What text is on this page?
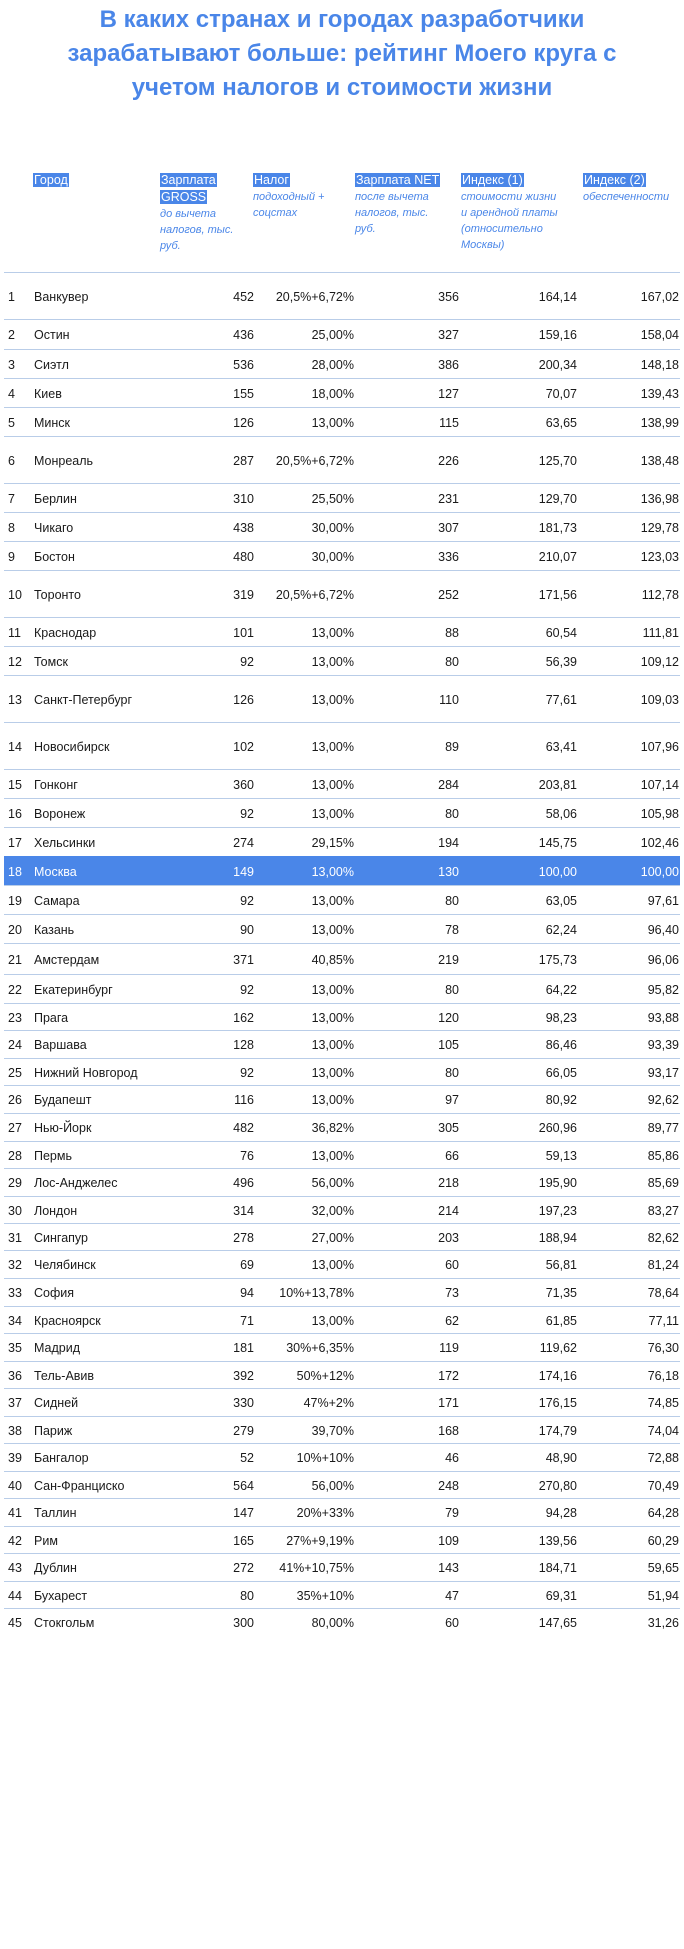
В каких странах и городах разработчики
зарабатывают больше: рейтинг Моего круга с
учетом налогов и стоимости жизни
Город	Зарплата
GROSS
до вычета
налогов, тыс.
руб.
Налог
подоходный +
соцстах
Зарплата NET
после вычета
налогов, тыс.
руб.
Индекс (1)
стоимости жизни
и арендной платы
(относительно
Москвы)
Индекс (2)
обеспеченности
1 Ванкувер	452 20,5%+6,72%	356	164,14	167,02
2 Остин	436	25,00%	327	159,16	158,04
3 Сиэтл	536	28,00%	386	200,34	148,18
4 Киев	155	18,00%	127	70,07	139,43
5 Минск	126	13,00%	115	63,65	138,99
6 Монреаль	287 20,5%+6,72%	226	125,70	138,48
7 Берлин	310	25,50%	231	129,70	136,98
8 Чикаго	438	30,00%	307	181,73	129,78
9 Бостон	480	30,00%	336	210,07	123,03
10 Торонто	319 20,5%+6,72%	252	171,56	112,78
11 Краснодар	101	13,00%	88	60,54	111,81
12 Томск	92	13,00%	80	56,39	109,12
13 Санкт-Петербург	126	13,00%	110	77,61	109,03
14 Новосибирск	102	13,00%	89	63,41	107,96
15 Гонконг	360	13,00%	284	203,81	107,14
16 Воронеж	92	13,00%	80	58,06	105,98
17 Хельсинки	274	29,15%	194	145,75	102,46
18 Москва	149	13,00%	130	100,00	100,00
19 Самара	92	13,00%	80	63,05	97,61
20 Казань	90	13,00%	78	62,24	96,40
21 Амстердам	371	40,85%	219	175,73	96,06
22 Екатеринбург	92	13,00%	80	64,22	95,82
23 Прага	162	13,00%	120	98,23	93,88
24 Варшава	128	13,00%	105	86,46	93,39
25 Нижний Новгород	92	13,00%	80	66,05	93,17
26 Будапешт	116	13,00%	97	80,92	92,62
27 Нью-Йорк	482	36,82%	305	260,96	89,77
28 Пермь	76	13,00%	66	59,13	85,86
29 Лос-Анджелес	496	56,00%	218	195,90	85,69
30 Лондон	314	32,00%	214	197,23	83,27
31 Сингапур	278	27,00%	203	188,94	82,62
32 Челябинск	69	13,00%	60	56,81	81,24
33 София	94 10%+13,78%	73	71,35	78,64
34 Красноярск	71	13,00%	62	61,85	77,11
35 Мадрид	181	30%+6,35%	119	119,62	76,30
36 Тель-Авив	392	50%+12%	172	174,16	76,18
37 Сидней	330	47%+2%	171	176,15	74,85
38 Париж	279	39,70%	168	174,79	74,04
39 Бангалор	52	10%+10%	46	48,90	72,88
40 Сан-Франциско	564	56,00%	248	270,80	70,49
41 Таллин	147	20%+33%	79	94,28	64,28
42 Рим	165	27%+9,19%	109	139,56	60,29
43 Дублин	272 41%+10,75%	143	184,71	59,65
44 Бухарест	80	35%+10%	47	69,31	51,94
45 Стокгольм	300	80,00%	60	147,65	31,26
